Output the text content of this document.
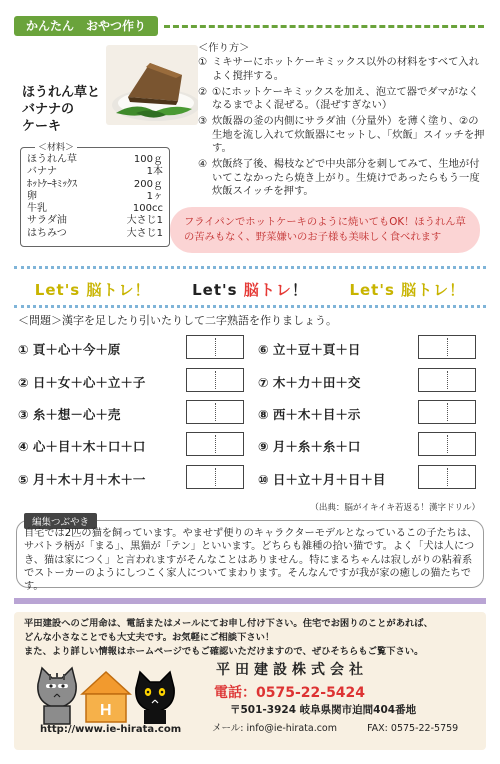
かんたん　おやつ作り
ほうれん草と
バナナの
ケーキ
＜材料＞
ほうれん草	100ｇ
バナナ	1本
ﾎｯﾄｹｰｷﾐｯｸｽ	200ｇ
卵	1ヶ
牛乳	100cc
サラダ油	大さじ1
はちみつ	大さじ1
＜作り方＞
① ミキサーにホットケーキミックス以外の材料をすべて入れよく撹拌する。
② ①にホットケーキミックスを加え、泡立て器でダマがなくなるまでよく混ぜる。（混ぜすぎない）
③ 炊飯器の釜の内側にサラダ油（分量外）を薄く塗り、②の生地を流し入れて炊飯器にセットし、「炊飯」スイッチを押す。
④ 炊飯終了後、楊枝などで中央部分を刺してみて、生地が付いてこなかったら焼き上がり。生焼けであったらもう一度炊飯スイッチを押す。
フライパンでホットケーキのように焼いてもOK！ほうれん草の苦みもなく、野菜嫌いのお子様も美味しく食べれます
Let's 脳トレ！	Let's 脳トレ！	Let's 脳トレ！
＜問題＞漢字を足したり引いたりして二字熟語を作りましょう。
① 頁＋心＋今＋原
② 日＋女＋心＋立＋子
③ 糸＋想－心＋売
④ 心＋目＋木＋口＋口
⑤ 月＋木＋月＋木＋一
⑥ 立＋豆＋頁＋日
⑦ 木＋力＋田＋交
⑧ 西＋木＋目＋示
⑨ 月＋糸＋糸＋口
⑩ 日＋立＋月＋日＋目
（出典：脳がイキイキ若返る！漢字ドリル）
編集つぶやき
自宅では2匹の猫を飼っています。やませず便りのキャラクターモデルとなっているこの子たちは、サバトラ柄が「まる」、黒猫が「テン」といいます。どちらも雑種の拾い猫です。よく「犬は人につき、猫は家につく」と言われますがそんなことはありません。特にまるちゃんは寂しがりの粘着系でストーカーのようにしつこく家人についてまわります。そんなんですが我が家の癒しの猫たちです。
平田建設へのご用命は、電話またはメールにてお申し付け下さい。住宅でお困りのことがあれば、
どんな小さなことでも大丈夫です。お気軽にご相談下さい！
また、より詳しい情報はホームページでもご確認いただけますので、ぜひそちらもご覧下さい。
H
平田建設株式会社
電話：0575-22-5424
〒501-3924 岐阜県関市迫間404番地
メール: info@ie-hirata.com	FAX: 0575-22-5759
http://www.ie-hirata.com
